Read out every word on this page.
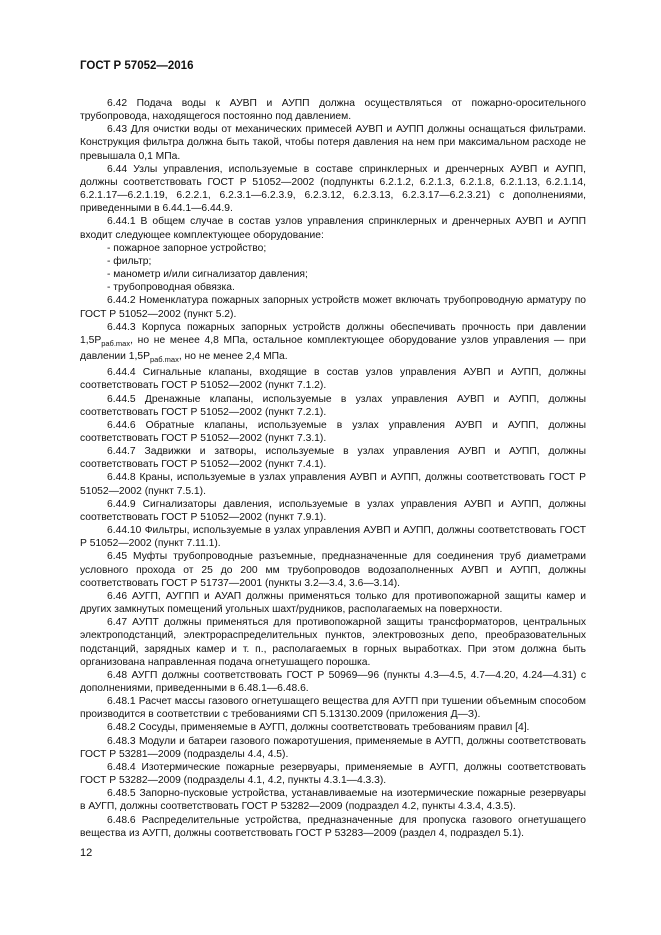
ГОСТ Р 57052—2016

6.42 Подача воды к АУВП и АУПП должна осуществляться от пожарно-оросительного трубопровода, находящегося постоянно под давлением.

6.43 Для очистки воды от механических примесей АУВП и АУПП должны оснащаться фильтрами. Конструкция фильтра должна быть такой, чтобы потеря давления на нем при максимальном расходе не превышала 0,1 МПа.

6.44 Узлы управления, используемые в составе спринклерных и дренчерных АУВП и АУПП, должны соответствовать ГОСТ Р 51052—2002 (подпункты 6.2.1.2, 6.2.1.3, 6.2.1.8, 6.2.1.13, 6.2.1.14, 6.2.1.17—6.2.1.19, 6.2.2.1, 6.2.3.1—6.2.3.9, 6.2.3.12, 6.2.3.13, 6.2.3.17—6.2.3.21) с дополнениями, приведенными в 6.44.1—6.44.9.

6.44.1 В общем случае в состав узлов управления спринклерных и дренчерных АУВП и АУПП входит следующее комплектующее оборудование:

- пожарное запорное устройство;

- фильтр;

- манометр и/или сигнализатор давления;

- трубопроводная обвязка.

6.44.2 Номенклатура пожарных запорных устройств может включать трубопроводную арматуру по ГОСТ Р 51052—2002 (пункт 5.2).

6.44.3 Корпуса пожарных запорных устройств должны обеспечивать прочность при давлении $1,5Р_{раб.max}$, но не менее 4,8 МПа, остальное комплектующее оборудование узлов управления — при давлении $1,5Р_{раб.max}$, но не менее 2,4 МПа.

6.44.4 Сигнальные клапаны, входящие в состав узлов управления АУВП и АУПП, должны соответствовать ГОСТ Р 51052—2002 (пункт 7.1.2).

6.44.5 Дренажные клапаны, используемые в узлах управления АУВП и АУПП, должны соответствовать ГОСТ Р 51052—2002 (пункт 7.2.1).

6.44.6 Обратные клапаны, используемые в узлах управления АУВП и АУПП, должны соответствовать ГОСТ Р 51052—2002 (пункт 7.3.1).

6.44.7 Задвижки и затворы, используемые в узлах управления АУВП и АУПП, должны соответствовать ГОСТ Р 51052—2002 (пункт 7.4.1).

6.44.8 Краны, используемые в узлах управления АУВП и АУПП, должны соответствовать ГОСТ Р 51052—2002 (пункт 7.5.1).

6.44.9 Сигнализаторы давления, используемые в узлах управления АУВП и АУПП, должны соответствовать ГОСТ Р 51052—2002 (пункт 7.9.1).

6.44.10 Фильтры, используемые в узлах управления АУВП и АУПП, должны соответствовать ГОСТ Р 51052—2002 (пункт 7.11.1).

6.45 Муфты трубопроводные разъемные, предназначенные для соединения труб диаметрами условного прохода от 25 до 200 мм трубопроводов водозаполненных АУВП и АУПП, должны соответствовать ГОСТ Р 51737—2001 (пункты 3.2—3.4, 3.6—3.14).

6.46 АУГП, АУГПП и АУАП должны применяться только для противопожарной защиты камер и других замкнутых помещений угольных шахт/рудников, располагаемых на поверхности.

6.47 АУПТ должны применяться для противопожарной защиты трансформаторов, центральных электроподстанций, электрораспределительных пунктов, электровозных депо, преобразовательных подстанций, зарядных камер и т. п., располагаемых в горных выработках. При этом должна быть организована направленная подача огнетушащего порошка.

6.48 АУГП должны соответствовать ГОСТ Р 50969—96 (пункты 4.3—4.5, 4.7—4.20, 4.24—4.31) с дополнениями, приведенными в 6.48.1—6.48.6.

6.48.1 Расчет массы газового огнетушащего вещества для АУГП при тушении объемным способом производится в соответствии с требованиями СП 5.13130.2009 (приложения Д—З).

6.48.2 Сосуды, применяемые в АУГП, должны соответствовать требованиям правил [4].

6.48.3 Модули и батареи газового пожаротушения, применяемые в АУГП, должны соответствовать ГОСТ Р 53281—2009 (подразделы 4.4, 4.5).

6.48.4 Изотермические пожарные резервуары, применяемые в АУГП, должны соответствовать ГОСТ Р 53282—2009 (подразделы 4.1, 4.2, пункты 4.3.1—4.3.3).

6.48.5 Запорно-пусковые устройства, устанавливаемые на изотермические пожарные резервуары в АУГП, должны соответствовать ГОСТ Р 53282—2009 (подраздел 4.2, пункты 4.3.4, 4.3.5).

6.48.6 Распределительные устройства, предназначенные для пропуска газового огнетушащего вещества из АУГП, должны соответствовать ГОСТ Р 53283—2009 (раздел 4, подраздел 5.1).

12
